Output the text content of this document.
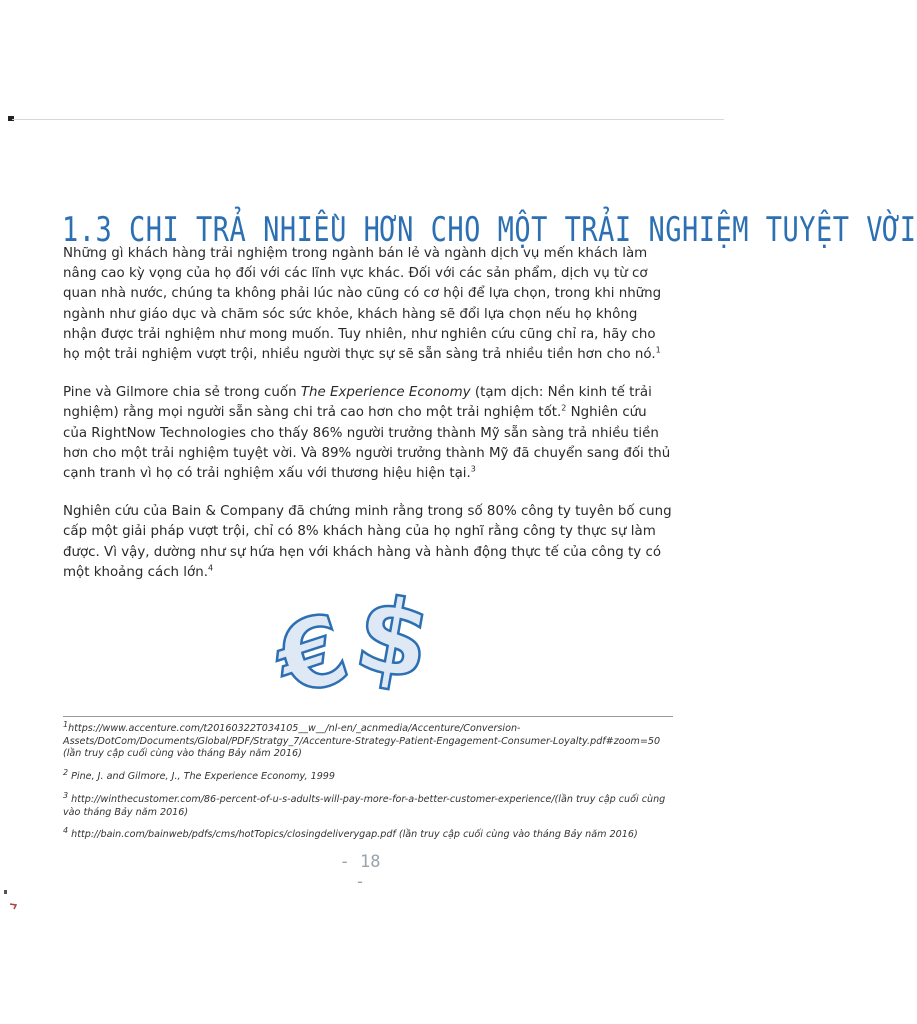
1.3 CHI TRẢ NHIỀU HƠN CHO MỘT TRẢI NGHIỆM TUYỆT VỜI

Những gì khách hàng trải nghiệm trong ngành bán lẻ và ngành dịch vụ mến khách làm nâng cao kỳ vọng của họ đối với các lĩnh vực khác. Đối với các sản phẩm, dịch vụ từ cơ quan nhà nước, chúng ta không phải lúc nào cũng có cơ hội để lựa chọn, trong khi những ngành như giáo dục và chăm sóc sức khỏe, khách hàng sẽ đổi lựa chọn nếu họ không nhận được trải nghiệm như mong muốn. Tuy nhiên, như nghiên cứu cũng chỉ ra, hãy cho họ một trải nghiệm vượt trội, nhiều người thực sự sẽ sẵn sàng trả nhiều tiền hơn cho nó.$^1$

Pine và Gilmore chia sẻ trong cuốn The Experience Economy (tạm dịch: Nền kinh tế trải nghiệm) rằng mọi người sẵn sàng chi trả cao hơn cho một trải nghiệm tốt.$^2$ Nghiên cứu của RightNow Technologies cho thấy 86% người trưởng thành Mỹ sẵn sàng trả nhiều tiền hơn cho một trải nghiệm tuyệt vời. Và 89% người trưởng thành Mỹ đã chuyển sang đối thủ cạnh tranh vì họ có trải nghiệm xấu với thương hiệu hiện tại.$^3$

Nghiên cứu của Bain & Company đã chứng minh rằng trong số 80% công ty tuyên bố cung cấp một giải pháp vượt trội, chỉ có 8% khách hàng của họ nghĩ rằng công ty thực sự làm được. Vì vậy, dường như sự hứa hẹn với khách hàng và hành động thực tế của công ty có một khoảng cách lớn.$^4$

€
$

$^1$https://www.accenture.com/t20160322T034105__w__/nl-en/_acnmedia/Accenture/Conversion-Assets/DotCom/Documents/Global/PDF/Stratgy_7/Accenture-Strategy-Patient-Engagement-Consumer-Loyalty.pdf#zoom=50 (lần truy cập cuối cùng vào tháng Bảy năm 2016)

$^2$ Pine, J. and Gilmore, J., The Experience Economy, 1999

$^3$ http://winthecustomer.com/86-percent-of-u-s-adults-will-pay-more-for-a-better-customer-experience/(lần truy cập cuối cùng vào tháng Bảy năm 2016)

$^4$ http://bain.com/bainweb/pdfs/cms/hotTopics/closingdeliverygap.pdf (lần truy cập cuối cùng vào tháng Bảy năm 2016)

- 18 -
